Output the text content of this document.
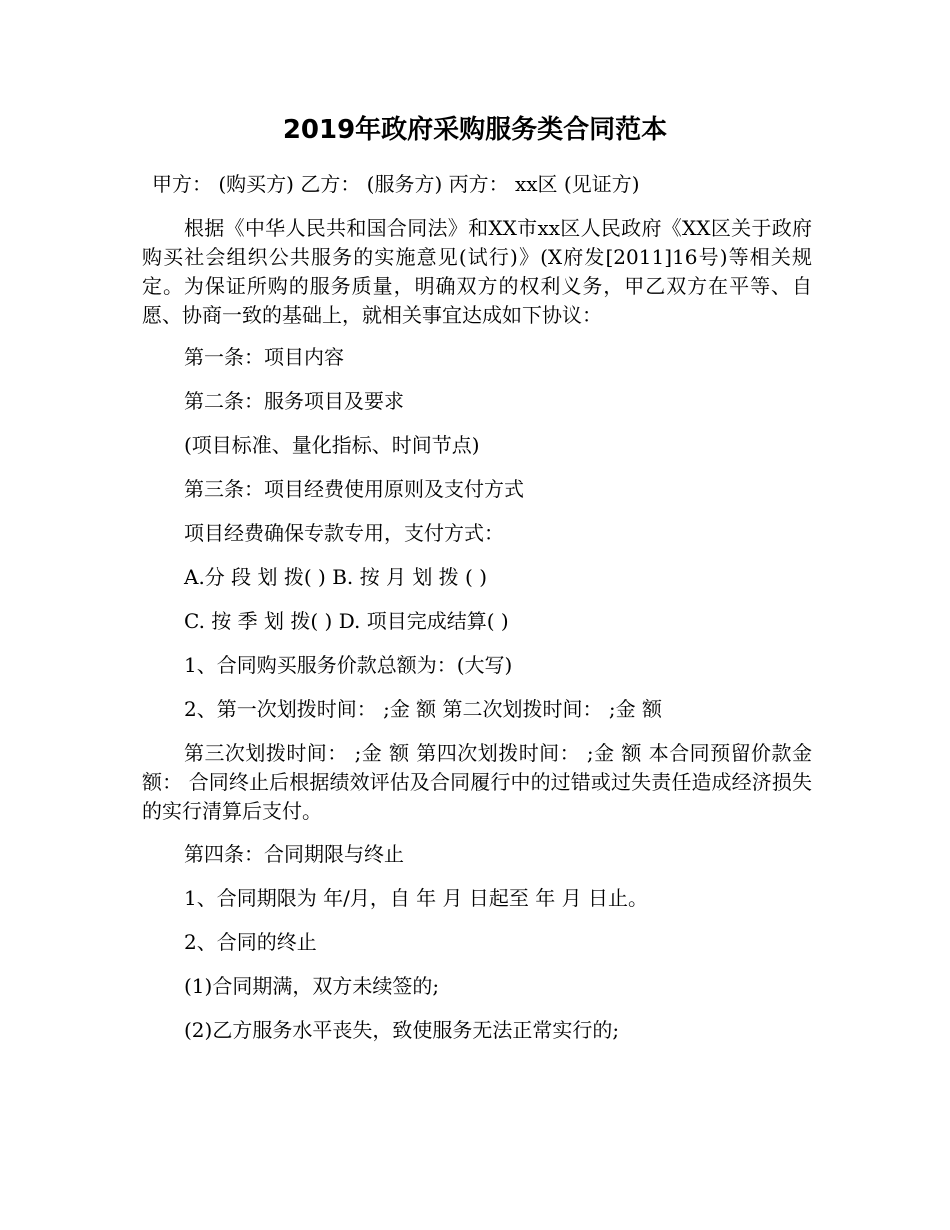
2019年政府采购服务类合同范本

甲方： (购买方) 乙方： (服务方) 丙方： xx区 (见证方)

根据《中华人民共和国合同法》和XX市xx区人民政府《XX区关于政府购买社会组织公共服务的实施意见(试行)》(X府发[2011]16号)等相关规定。为保证所购的服务质量，明确双方的权利义务，甲乙双方在平等、自愿、协商一致的基础上，就相关事宜达成如下协议：

第一条：项目内容

第二条：服务项目及要求

(项目标准、量化指标、时间节点)

第三条：项目经费使用原则及支付方式

项目经费确保专款专用，支付方式：

A.分 段 划 拨( ) B. 按 月 划 拨 ( )

C. 按 季 划 拨( ) D. 项目完成结算( )

1、合同购买服务价款总额为：(大写)

2、第一次划拨时间： ;金 额 第二次划拨时间： ;金 额

第三次划拨时间： ;金 额 第四次划拨时间： ;金 额 本合同预留价款金额： 合同终止后根据绩效评估及合同履行中的过错或过失责任造成经济损失的实行清算后支付。

第四条：合同期限与终止

1、合同期限为 年/月，自 年 月 日起至 年 月 日止。

2、合同的终止

(1)合同期满，双方未续签的;

(2)乙方服务水平丧失，致使服务无法正常实行的;
